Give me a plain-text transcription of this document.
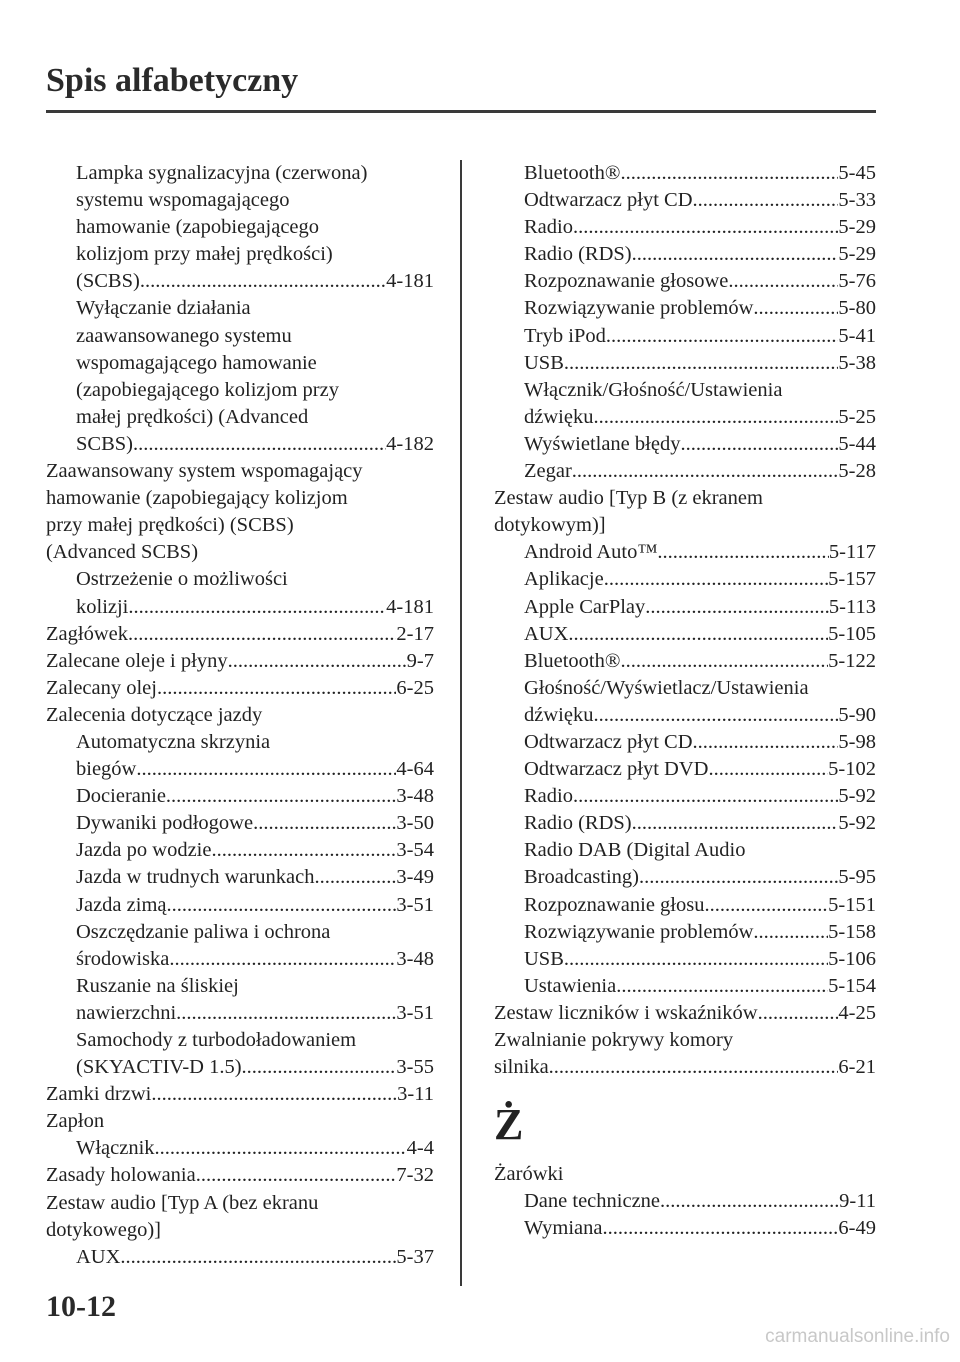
Spis alfabetyczny
Lampka sygnalizacyjna (czerwona)
systemu wspomagającego
hamowanie (zapobiegającego
kolizjom przy małej prędkości)
(SCBS) .....	4-181
Wyłączanie działania
zaawansowanego systemu
wspomagającego hamowanie
(zapobiegającego kolizjom przy
małej prędkości) (Advanced
SCBS) .....	4-182
Zaawansowany system wspomagający
hamowanie (zapobiegający kolizjom
przy małej prędkości) (SCBS)
(Advanced SCBS)
Ostrzeżenie o możliwości
kolizji .....	4-181
Zagłówek .....	2-17
Zalecane oleje i płyny .....	9-7
Zalecany olej .....	6-25
Zalecenia dotyczące jazdy
Automatyczna skrzynia
biegów .....	4-64
Docieranie .....	3-48
Dywaniki podłogowe .....	3-50
Jazda po wodzie .....	3-54
Jazda w trudnych warunkach .....	3-49
Jazda zimą .....	3-51
Oszczędzanie paliwa i ochrona
środowiska .....	3-48
Ruszanie na śliskiej
nawierzchni .....	3-51
Samochody z turbodoładowaniem
(SKYACTIV-D 1.5) .....	3-55
Zamki drzwi .....	3-11
Zapłon
Włącznik .....	4-4
Zasady holowania .....	7-32
Zestaw audio [Typ A (bez ekranu
dotykowego)]
AUX .....	5-37
Bluetooth® .....	5-45
Odtwarzacz płyt CD .....	5-33
Radio .....	5-29
Radio (RDS) .....	5-29
Rozpoznawanie głosowe .....	5-76
Rozwiązywanie problemów .....	5-80
Tryb iPod .....	5-41
USB .....	5-38
Włącznik/Głośność/Ustawienia
dźwięku .....	5-25
Wyświetlane błędy .....	5-44
Zegar .....	5-28
Zestaw audio [Typ B (z ekranem
dotykowym)]
Android Auto™ .....	5-117
Aplikacje .....	5-157
Apple CarPlay .....	5-113
AUX .....	5-105
Bluetooth® .....	5-122
Głośność/Wyświetlacz/Ustawienia
dźwięku .....	5-90
Odtwarzacz płyt CD .....	5-98
Odtwarzacz płyt DVD .....	5-102
Radio .....	5-92
Radio (RDS) .....	5-92
Radio DAB (Digital Audio
Broadcasting) .....	5-95
Rozpoznawanie głosu .....	5-151
Rozwiązywanie problemów .....	5-158
USB .....	5-106
Ustawienia .....	5-154
Zestaw liczników i wskaźników .....	4-25
Zwalnianie pokrywy komory
silnika .....	6-21
Ż
Żarówki
Dane techniczne .....	9-11
Wymiana .....	6-49
10-12
carmanualsonline.info
